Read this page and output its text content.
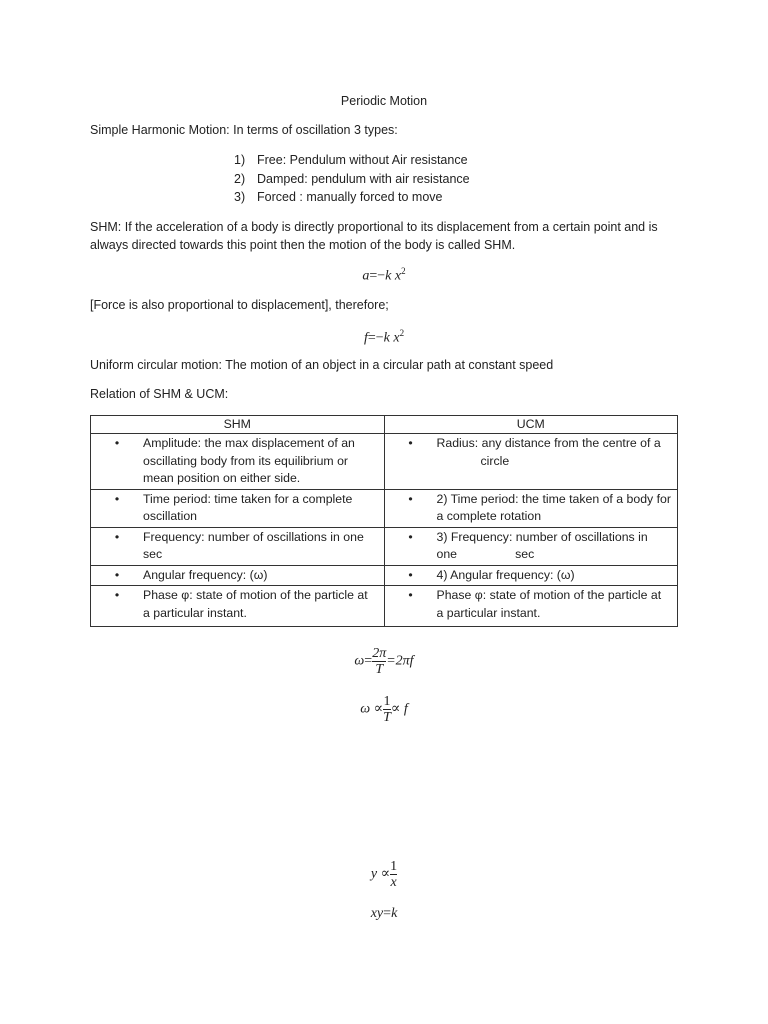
Periodic Motion
Simple Harmonic Motion: In terms of oscillation 3 types:
1) Free: Pendulum without Air resistance
2) Damped: pendulum with air resistance
3) Forced : manually forced to move
SHM: If the acceleration of a body is directly proportional to its displacement from a certain point and is always directed towards this point then the motion of the body is called SHM.
a=−k $x^2$
[Force is also proportional to displacement], therefore;
f=−k $x^2$
Uniform circular motion: The motion of an object in a circular path at constant speed
Relation of SHM & UCM:
SHM	UCM

• Amplitude: the max displacement of an oscillating body from its equilibrium or mean position on either side.	• Radius: any distance from the centre of a
circle

• Time period: time taken for a complete oscillation	• 2) Time period: the time taken of a body for a complete rotation

• Frequency: number of oscillations in one sec	• 3) Frequency: number of oscillations in
one                 sec

• Angular frequency: (ω)	• 4) Angular frequency: (ω)

• Phase φ: state of motion of the particle at a particular instant.	• Phase φ: state of motion of the particle at a particular instant.
$\omega= \frac{2\pi}{T} =2\pi f$
$\omega \propto \frac{1}{T} \propto f$
$y \propto \frac{1}{x}$
xy=k
